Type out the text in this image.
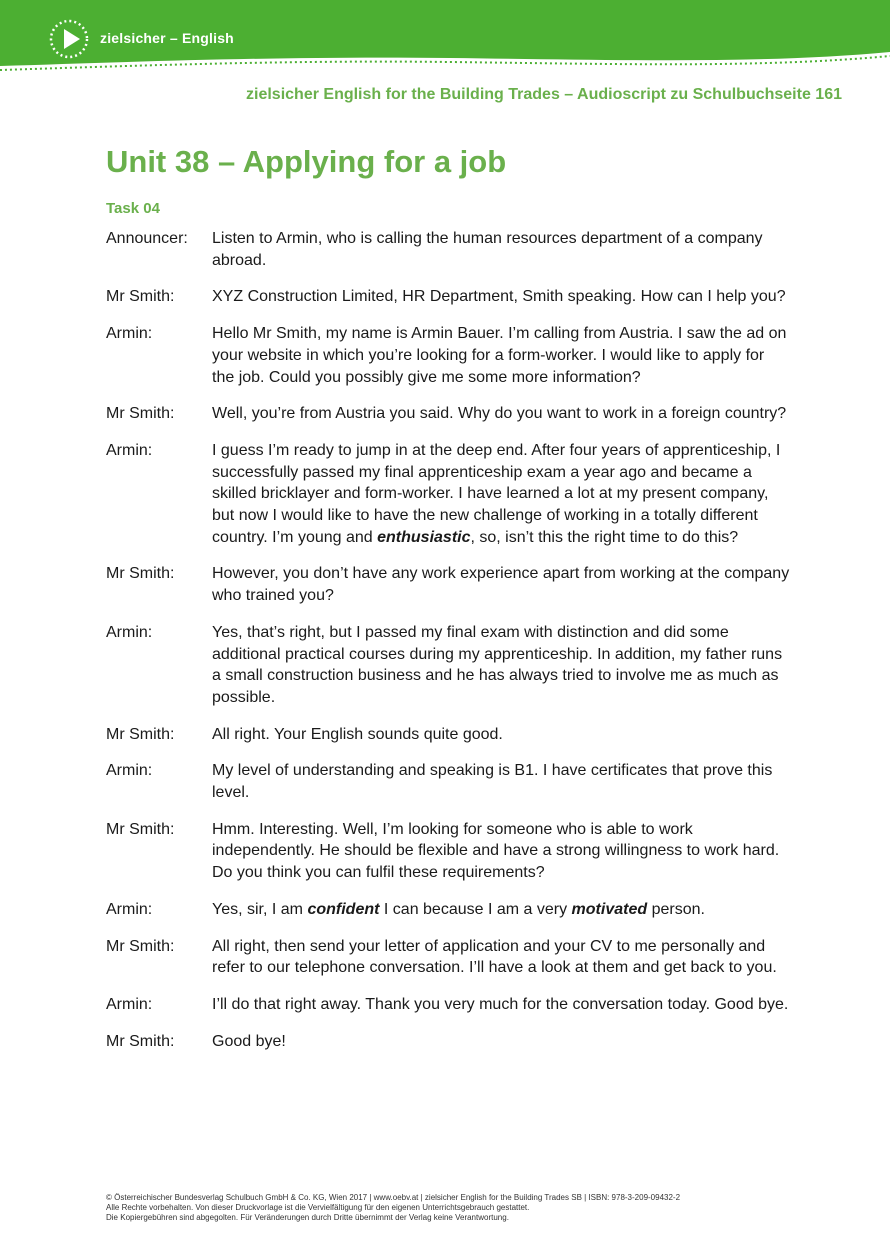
zielsicher – English
zielsicher English for the Building Trades – Audioscript zu Schulbuchseite 161
Unit 38 – Applying for a job
Task 04
Announcer:	Listen to Armin, who is calling the human resources department of a company abroad.
Mr Smith:	XYZ Construction Limited, HR Department, Smith speaking. How can I help you?
Armin:	Hello Mr Smith, my name is Armin Bauer. I’m calling from Austria. I saw the ad on your website in which you’re looking for a form-worker. I would like to apply for the job. Could you possibly give me some more information?
Mr Smith:	Well, you’re from Austria you said. Why do you want to work in a foreign country?
Armin:	I guess I’m ready to jump in at the deep end. After four years of apprenticeship, I successfully passed my final apprenticeship exam a year ago and became a skilled bricklayer and form-worker. I have learned a lot at my present company, but now I would like to have the new challenge of working in a totally different country. I’m young and enthusiastic, so, isn’t this the right time to do this?
Mr Smith:	However, you don’t have any work experience apart from working at the company who trained you?
Armin:	Yes, that’s right, but I passed my final exam with distinction and did some additional practical courses during my apprenticeship. In addition, my father runs a small construction business and he has always tried to involve me as much as possible.
Mr Smith:	All right. Your English sounds quite good.
Armin:	My level of understanding and speaking is B1. I have certificates that prove this level.
Mr Smith:	Hmm. Interesting. Well, I’m looking for someone who is able to work independently. He should be flexible and have a strong willingness to work hard. Do you think you can fulfil these requirements?
Armin:	Yes, sir, I am confident I can because I am a very motivated person.
Mr Smith:	All right, then send your letter of application and your CV to me personally and refer to our telephone conversation. I’ll have a look at them and get back to you.
Armin:	I’ll do that right away. Thank you very much for the conversation today. Good bye.
Mr Smith:	Good bye!
© Österreichischer Bundesverlag Schulbuch GmbH & Co. KG, Wien 2017 | www.oebv.at | zielsicher English for the Building Trades SB | ISBN: 978-3-209-09432-2
Alle Rechte vorbehalten. Von dieser Druckvorlage ist die Vervielfältigung für den eigenen Unterrichtsgebrauch gestattet.
Die Kopiergebühren sind abgegolten. Für Veränderungen durch Dritte übernimmt der Verlag keine Verantwortung.
